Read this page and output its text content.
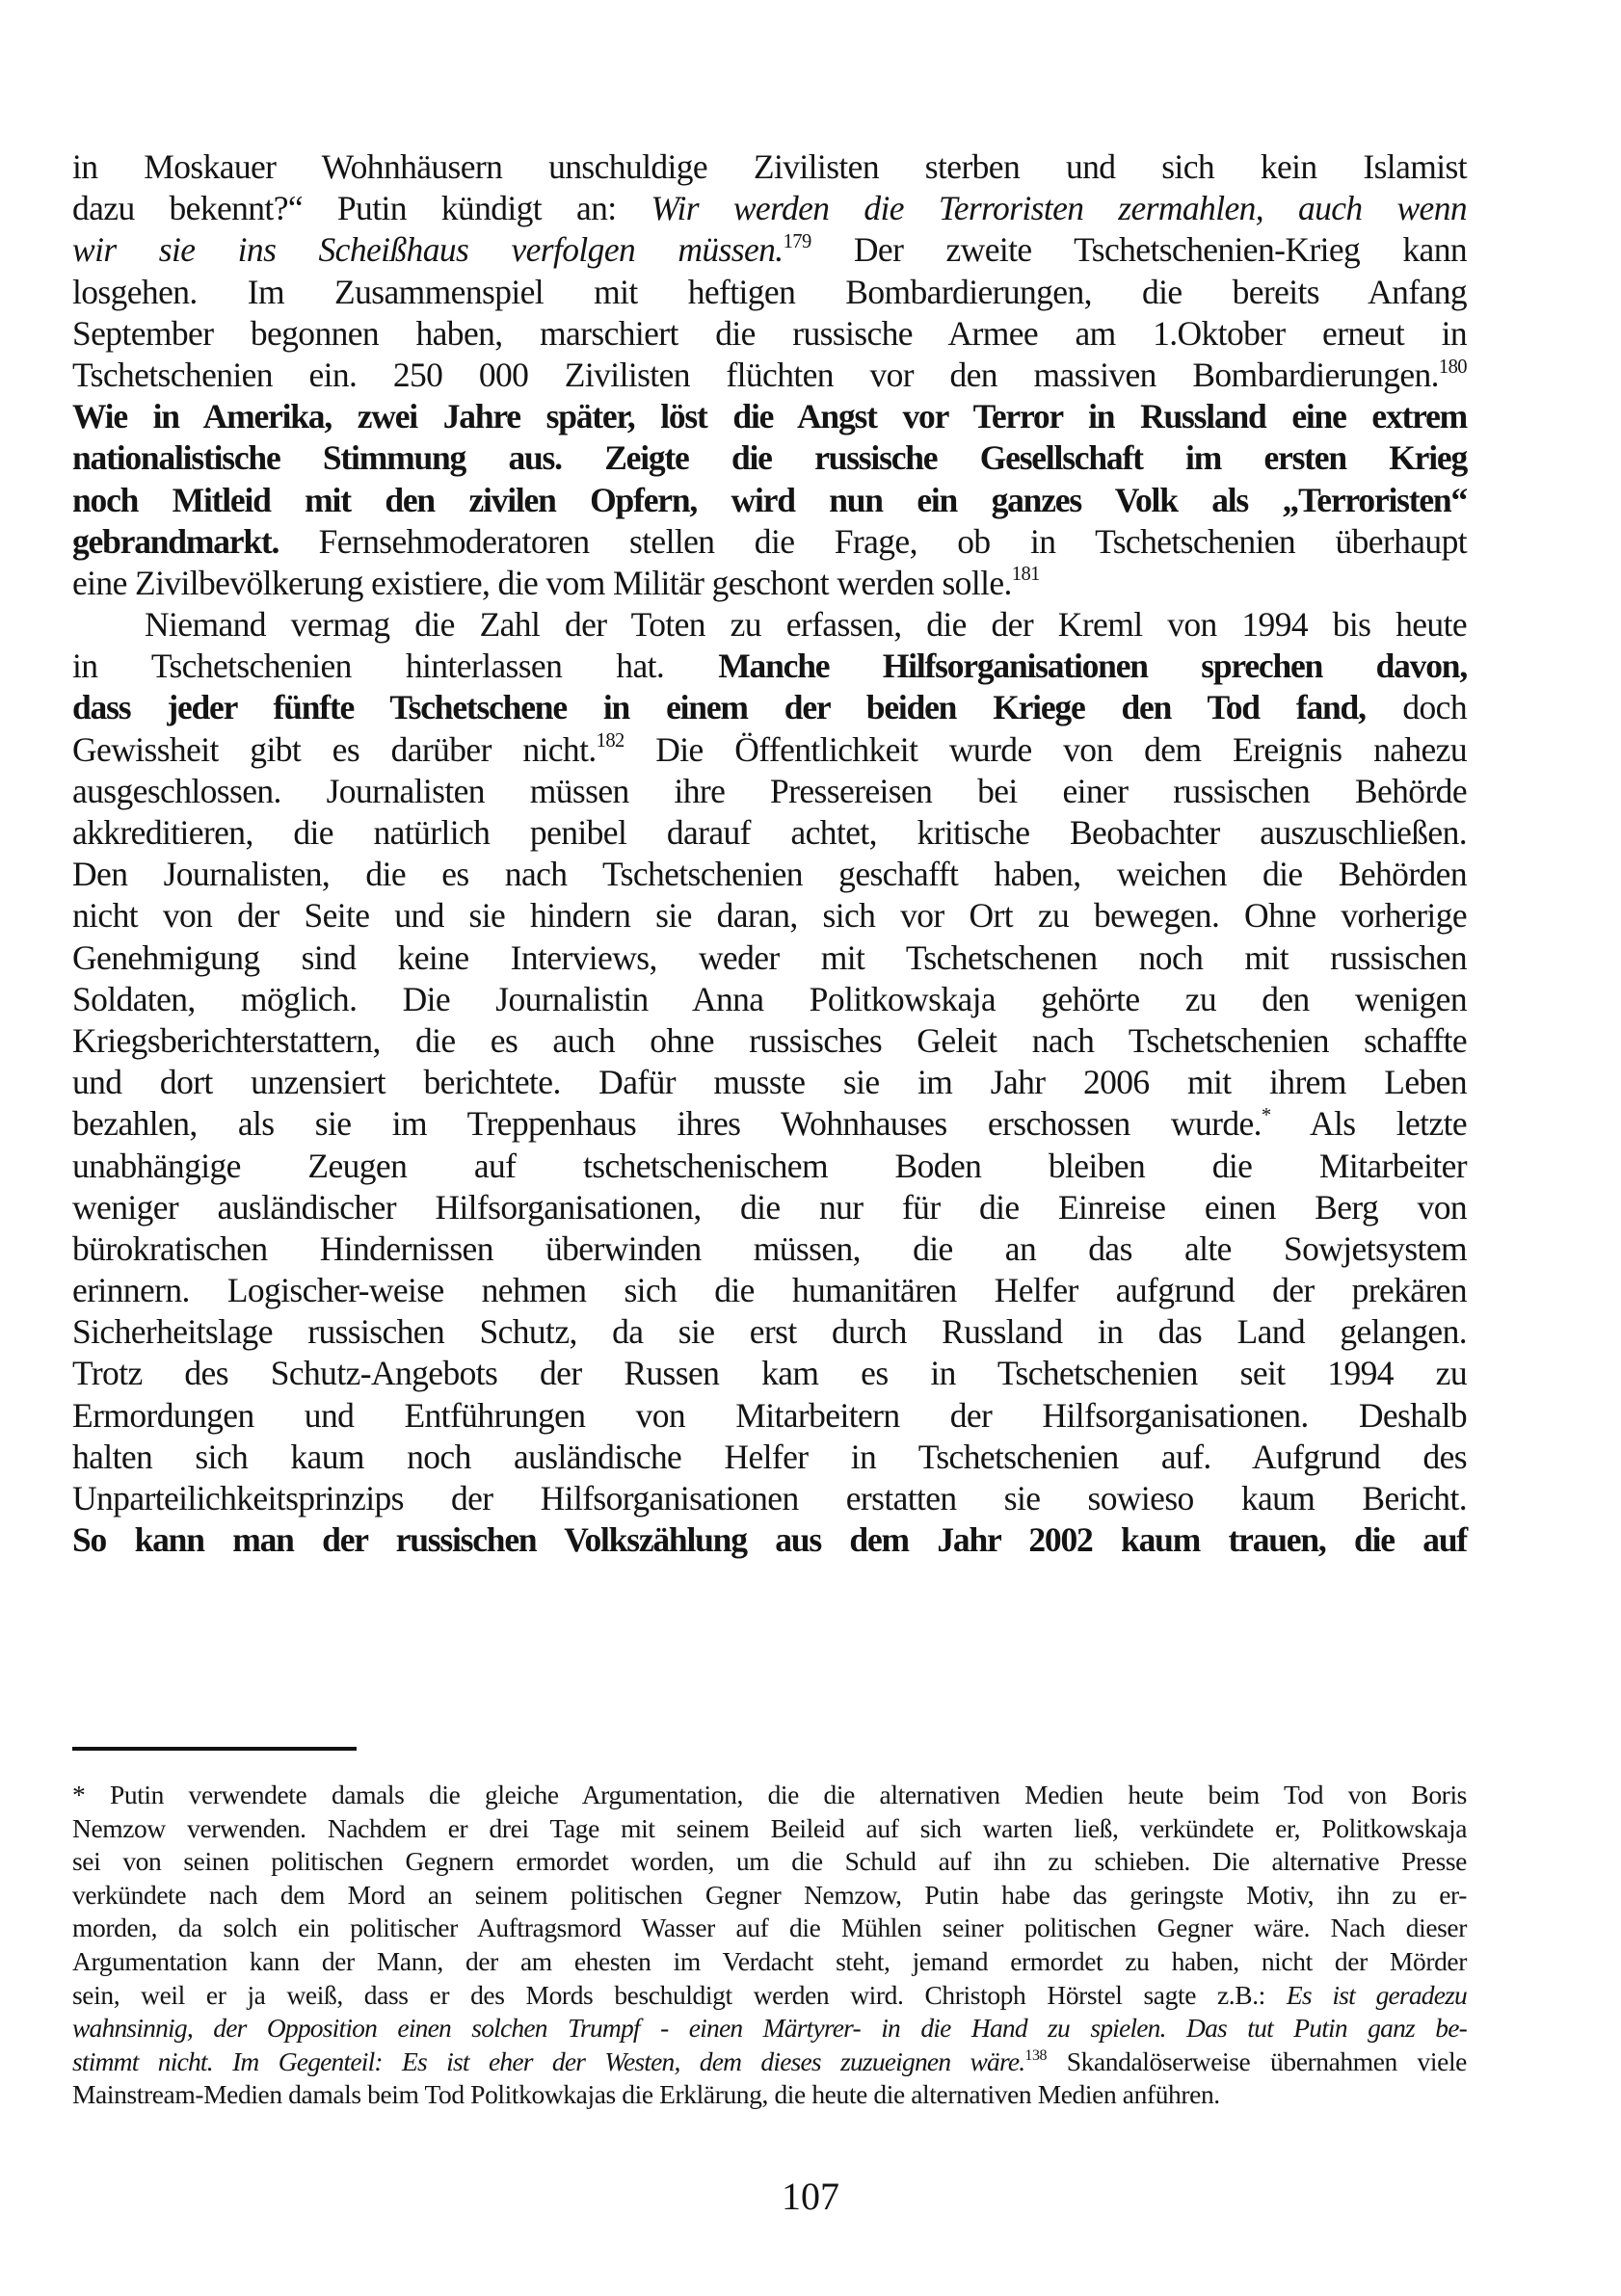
in Moskauer Wohnhäusern unschuldige Zivilisten sterben und sich kein Islamist
dazu bekennt?“ Putin kündigt an: Wir werden die Terroristen zermahlen, auch wenn
wir sie ins Scheißhaus verfolgen müssen.$^{179}$ Der zweite Tschetschenien-Krieg kann
losgehen. Im Zusammenspiel mit heftigen Bombardierungen, die bereits Anfang
September begonnen haben, marschiert die russische Armee am 1.Oktober erneut in
Tschetschenien ein. 250 000 Zivilisten flüchten vor den massiven Bombardierungen.$^{180}$
Wie in Amerika, zwei Jahre später, löst die Angst vor Terror in Russland eine extrem
nationalistische Stimmung aus. Zeigte die russische Gesellschaft im ersten Krieg
noch Mitleid mit den zivilen Opfern, wird nun ein ganzes Volk als „Terroristen“
gebrandmarkt. Fernsehmoderatoren stellen die Frage, ob in Tschetschenien überhaupt
eine Zivilbevölkerung existiere, die vom Militär geschont werden solle.$^{181}$
Niemand vermag die Zahl der Toten zu erfassen, die der Kreml von 1994 bis heute
in Tschetschenien hinterlassen hat. Manche Hilfsorganisationen sprechen davon,
dass jeder fünfte Tschetschene in einem der beiden Kriege den Tod fand, doch
Gewissheit gibt es darüber nicht.$^{182}$ Die Öffentlichkeit wurde von dem Ereignis nahezu
ausgeschlossen. Journalisten müssen ihre Pressereisen bei einer russischen Behörde
akkreditieren, die natürlich penibel darauf achtet, kritische Beobachter auszuschließen.
Den Journalisten, die es nach Tschetschenien geschafft haben, weichen die Behörden
nicht von der Seite und sie hindern sie daran, sich vor Ort zu bewegen. Ohne vorherige
Genehmigung sind keine Interviews, weder mit Tschetschenen noch mit russischen
Soldaten, möglich. Die Journalistin Anna Politkowskaja gehörte zu den wenigen
Kriegsberichterstattern, die es auch ohne russisches Geleit nach Tschetschenien schaffte
und dort unzensiert berichtete. Dafür musste sie im Jahr 2006 mit ihrem Leben
bezahlen, als sie im Treppenhaus ihres Wohnhauses erschossen wurde.* Als letzte
unabhängige Zeugen auf tschetschenischem Boden bleiben die Mitarbeiter
weniger ausländischer Hilfsorganisationen, die nur für die Einreise einen Berg von
bürokratischen Hindernissen überwinden müssen, die an das alte Sowjetsystem
erinnern. Logischer-weise nehmen sich die humanitären Helfer aufgrund der prekären
Sicherheitslage russischen Schutz, da sie erst durch Russland in das Land gelangen.
Trotz des Schutz-Angebots der Russen kam es in Tschetschenien seit 1994 zu
Ermordungen und Entführungen von Mitarbeitern der Hilfsorganisationen. Deshalb
halten sich kaum noch ausländische Helfer in Tschetschenien auf. Aufgrund des
Unparteilichkeitsprinzips der Hilfsorganisationen erstatten sie sowieso kaum Bericht.
So kann man der russischen Volkszählung aus dem Jahr 2002 kaum trauen, die auf
* Putin verwendete damals die gleiche Argumentation, die die alternativen Medien heute beim Tod von Boris
Nemzow verwenden. Nachdem er drei Tage mit seinem Beileid auf sich warten ließ, verkündete er, Politkowskaja
sei von seinen politischen Gegnern ermordet worden, um die Schuld auf ihn zu schieben. Die alternative Presse
verkündete nach dem Mord an seinem politischen Gegner Nemzow, Putin habe das geringste Motiv, ihn zu er-
morden, da solch ein politischer Auftragsmord Wasser auf die Mühlen seiner politischen Gegner wäre. Nach dieser
Argumentation kann der Mann, der am ehesten im Verdacht steht, jemand ermordet zu haben, nicht der Mörder
sein, weil er ja weiß, dass er des Mords beschuldigt werden wird. Christoph Hörstel sagte z.B.: Es ist geradezu
wahnsinnig, der Opposition einen solchen Trumpf - einen Märtyrer- in die Hand zu spielen. Das tut Putin ganz be-
stimmt nicht. Im Gegenteil: Es ist eher der Westen, dem dieses zuzueignen wäre.$^{138}$ Skandalöserweise übernahmen viele
Mainstream-Medien damals beim Tod Politkowkajas die Erklärung, die heute die alternativen Medien anführen.
107
